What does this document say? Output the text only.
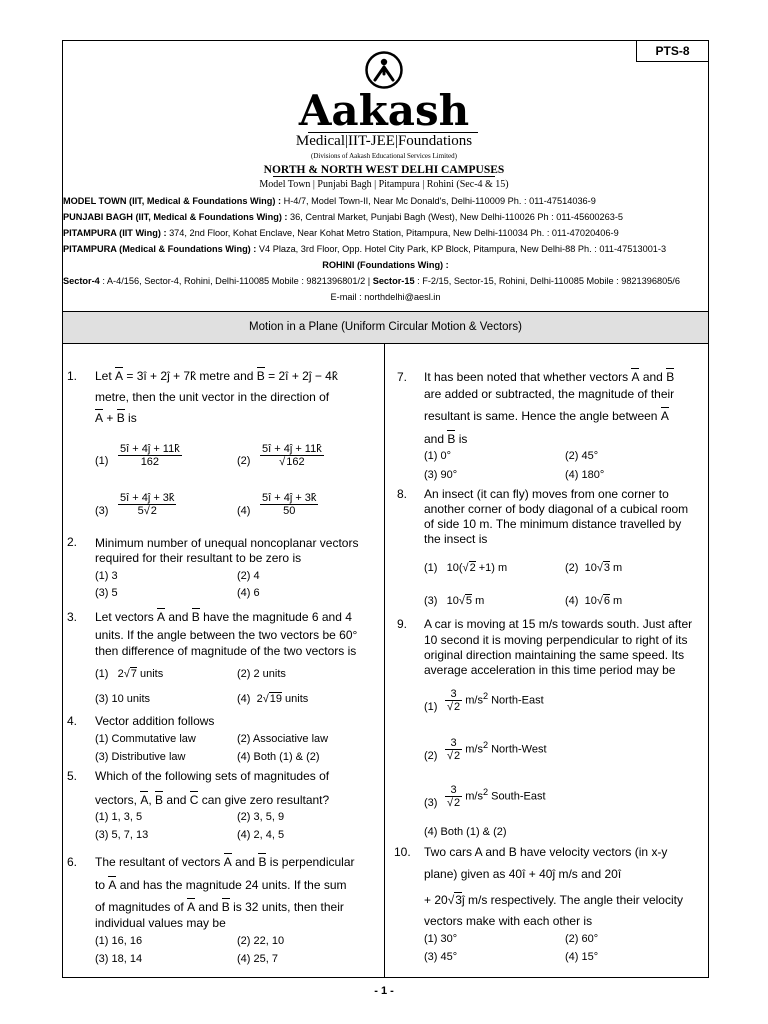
PTS-8
Aakash
Medical|IIT-JEE|Foundations
(Divisions of Aakash Educational Services Limited)
NORTH & NORTH WEST DELHI CAMPUSES
Model Town | Punjabi Bagh | Pitampura | Rohini (Sec-4 & 15)
MODEL TOWN (IIT, Medical & Foundations Wing) : H-4/7, Model Town-II, Near Mc Donald's, Delhi-110009 Ph. : 011-47514036-9
PUNJABI BAGH (IIT, Medical & Foundations Wing) : 36, Central Market, Punjabi Bagh (West), New Delhi-110026 Ph : 011-45600263-5
PITAMPURA (IIT Wing) : 374, 2nd Floor, Kohat Enclave, Near Kohat Metro Station, Pitampura, New Delhi-110034 Ph. : 011-47020406-9
PITAMPURA (Medical & Foundations Wing) : V4 Plaza, 3rd Floor, Opp. Hotel City Park, KP Block, Pitampura, New Delhi-88 Ph. : 011-47513001-3
ROHINI (Foundations Wing) :
Sector-4 : A-4/156, Sector-4, Rohini, Delhi-110085 Mobile : 9821396801/2 | Sector-15 : F-2/15, Sector-15, Rohini, Delhi-110085 Mobile : 9821396805/6
E-mail : northdelhi@aesl.in
Motion in a Plane (Uniform Circular Motion & Vectors)
1. Let A = 3î + 2ĵ + 7k̂ metre and B = 2î + 2ĵ − 4k̂
metre, then the unit vector in the direction of
A + B is
$(1) \frac{5î + 4ĵ + 11k̂}{162}$	$(2) \frac{5î + 4ĵ + 11k̂}{√162}$
$(3) \frac{5î + 4ĵ + 3k̂}{5√2}$	$(4) \frac{5î + 4ĵ + 3k̂}{50}$
2. Minimum number of unequal noncoplanar vectors
required for their resultant to be zero is
(1) 3	(2) 4
(3) 5	(4) 6
3. Let vectors A and B have the magnitude 6 and 4
units. If the angle between the two vectors be 60°
then difference of magnitude of the two vectors is
(1) 2√7 units	(2) 2 units
(3) 10 units	(4) 2√19 units
4. Vector addition follows
(1) Commutative law	(2) Associative law
(3) Distributive law	(4) Both (1) & (2)
5. Which of the following sets of magnitudes of
vectors, A, B and C can give zero resultant?
(1) 1, 3, 5	(2) 3, 5, 9
(3) 5, 7, 13	(4) 2, 4, 5
6. The resultant of vectors A and B is perpendicular
to A and has the magnitude 24 units. If the sum
of magnitudes of A and B is 32 units, then their
individual values may be
(1) 16, 16	(2) 22, 10
(3) 18, 14	(4) 25, 7
7. It has been noted that whether vectors A and B
are added or subtracted, the magnitude of their
resultant is same. Hence the angle between A
and B is
(1) 0°	(2) 45°
(3) 90°	(4) 180°
8. An insect (it can fly) moves from one corner to
another corner of body diagonal of a cubical room
of side 10 m. The minimum distance travelled by
the insect is
(1) 10(√2 +1) m	(2) 10√3 m
(3) 10√5 m	(4) 10√6 m
9. A car is moving at 15 m/s towards south. Just after
10 second it is moving perpendicular to right of its
original direction maintaining the same speed. Its
average acceleration in this time period may be
$(1) \frac{3}{√2} m/s^2$ North-East
$(2) \frac{3}{√2} m/s^2$ North-West
$(3) \frac{3}{√2} m/s^2$ South-East
(4) Both (1) & (2)
10. Two cars A and B have velocity vectors (in x-y
plane) given as 40î + 40ĵ m/s and 20î
+ 20√3ĵ m/s respectively. The angle their velocity
vectors make with each other is
(1) 30°	(2) 60°
(3) 45°	(4) 15°
- 1 -
